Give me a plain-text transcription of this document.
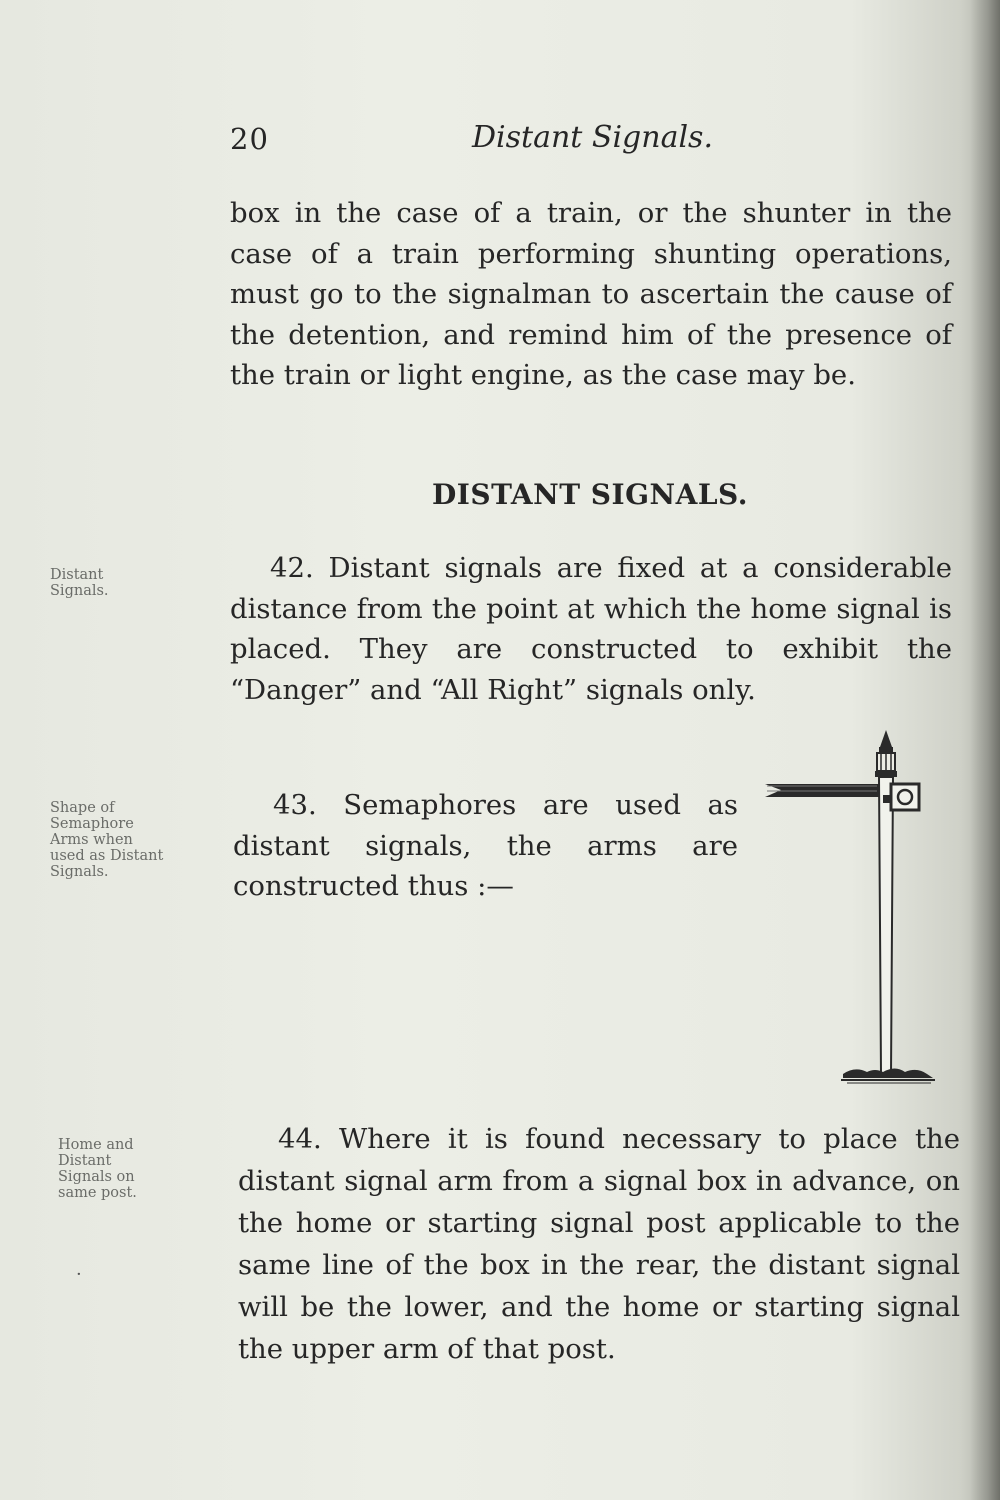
20	Distant Signals.
box in the case of a train, or the shunter in the case of a train performing shunting operations, must go to the signalman to ascertain the cause of the detention, and remind him of the presence of the train or light engine, as the case may be.
DISTANT SIGNALS.
Distant
Signals.
42. Distant signals are fixed at a considerable distance from the point at which the home signal is placed. They are constructed to exhibit the “Danger” and “All Right” signals only.
Shape of
Semaphore
Arms when
used as Distant
Signals.
43. Semaphores are used as distant signals, the arms are constructed thus :—
Home and
Distant
Signals on
same post.
44. Where it is found necessary to place the distant signal arm from a signal box in advance, on the home or starting signal post applicable to the same line of the box in the rear, the distant signal will be the lower, and the home or starting signal the upper arm of that post.
·
